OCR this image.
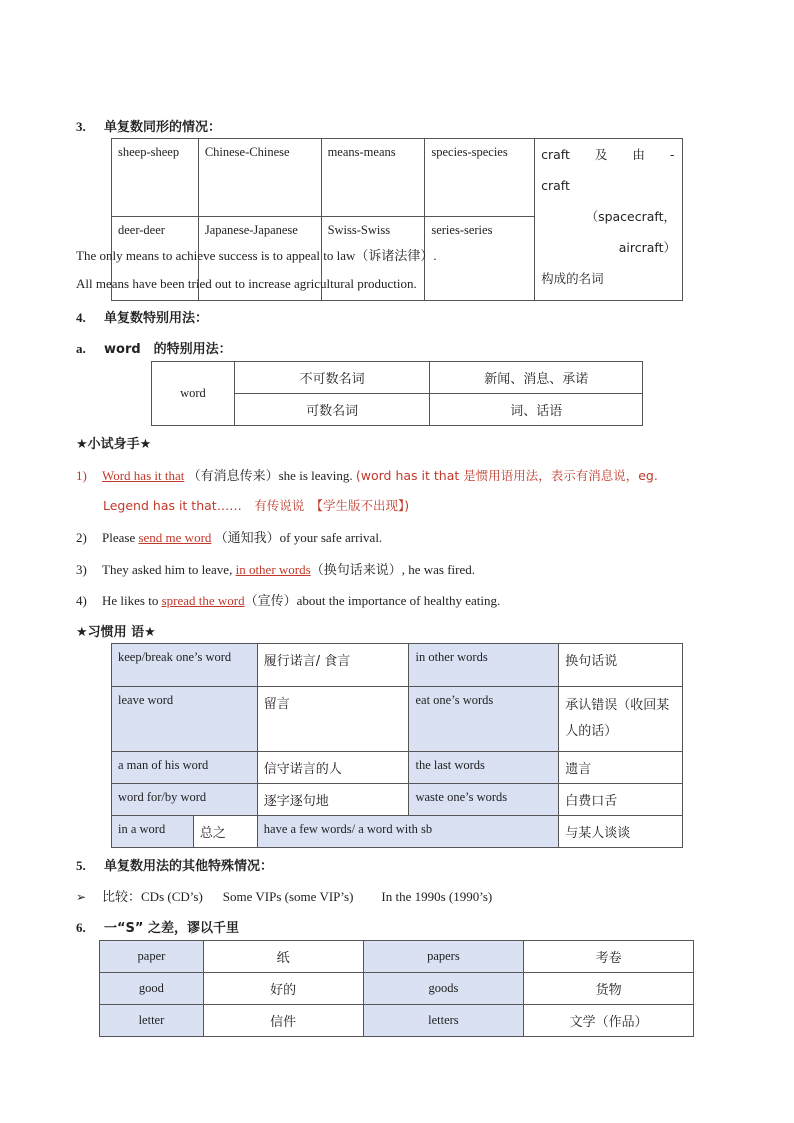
3. 单复数同形的情况：
sheep-sheep	Chinese-Chinese	means-means	species-species	craft　　及　　由　　-craft
（spacecraft，aircraft）
构成的名词

deer-deer	Japanese-Japanese	Swiss-Swiss	series-series	
The only means to achieve success is to appeal to law（诉诸法律）.
All means have been tried out to increase agricultural production.
4. 单复数特别用法：
a. word　的特别用法：
word	不可数名词	新闻、消息、承诺
	可数名词	词、话语
★小试身手★
1) Word has it that （有消息传来）she is leaving. (word has it that 是惯用语用法，表示有消息说，eg.
Legend has it that……　有传说说　【学生版不出现】)
2) Please send me word （通知我）of your safe arrival.
3) They asked him to leave, in other words（换句话来说）, he was fired.
4) He likes to spread the word（宣传）about the importance of healthy eating.
★习惯用 语★
keep/break one’s word		履行诺言/ 食言	in other words	换句话说
leave word		留言	eat one’s words	承认错误（收回某人的话）
a man of his word		信守诺言的人	the last words	遗言
word for/by word		逐字逐句地	waste one’s words	白费口舌
in a word	总之	have a few words/ a word with sb		与某人谈谈
5. 单复数用法的其他特殊情况：
➢ 比较：CDs (CD’s) Some VIPs (some VIP’s) In the 1990s (1990’s)
6. 一“S” 之差，谬以千里
paper	纸	papers	考卷
good	好的	goods	货物
letter	信件	letters	文学（作品）
